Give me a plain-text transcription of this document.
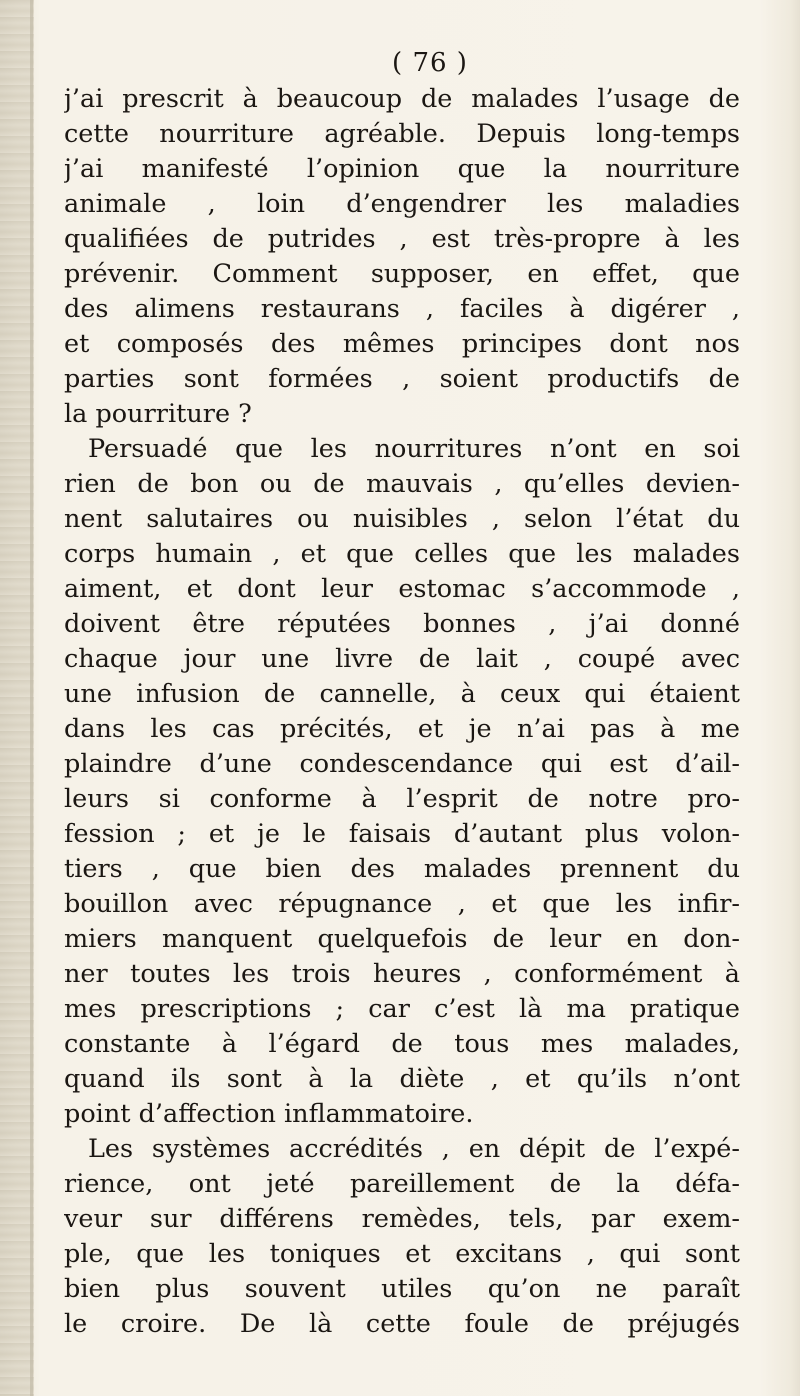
( 76 )
j’ai prescrit à beaucoup de malades l’usage de
cette nourriture agréable. Depuis long-temps
j’ai manifesté l’opinion que la nourriture
animale , loin d’engendrer les maladies
qualifiées de putrides , est très-propre à les
prévenir. Comment supposer, en effet, que
des alimens restaurans , faciles à digérer ,
et composés des mêmes principes dont nos
parties sont formées , soient productifs de
la pourriture ?
Persuadé que les nourritures n’ont en soi
rien de bon ou de mauvais , qu’elles devien-
nent salutaires ou nuisibles , selon l’état du
corps humain , et que celles que les malades
aiment, et dont leur estomac s’accommode ,
doivent être réputées bonnes , j’ai donné
chaque jour une livre de lait , coupé avec
une infusion de cannelle, à ceux qui étaient
dans les cas précités, et je n’ai pas à me
plaindre d’une condescendance qui est d’ail-
leurs si conforme à l’esprit de notre pro-
fession ; et je le faisais d’autant plus volon-
tiers , que bien des malades prennent du
bouillon avec répugnance , et que les infir-
miers manquent quelquefois de leur en don-
ner toutes les trois heures , conformément à
mes prescriptions ; car c’est là ma pratique
constante à l’égard de tous mes malades,
quand ils sont à la diète , et qu’ils n’ont
point d’affection inflammatoire.
Les systèmes accrédités , en dépit de l’expé-
rience, ont jeté pareillement de la défa-
veur sur différens remèdes, tels, par exem-
ple, que les toniques et excitans , qui sont
bien plus souvent utiles qu’on ne paraît
le croire. De là cette foule de préjugés
